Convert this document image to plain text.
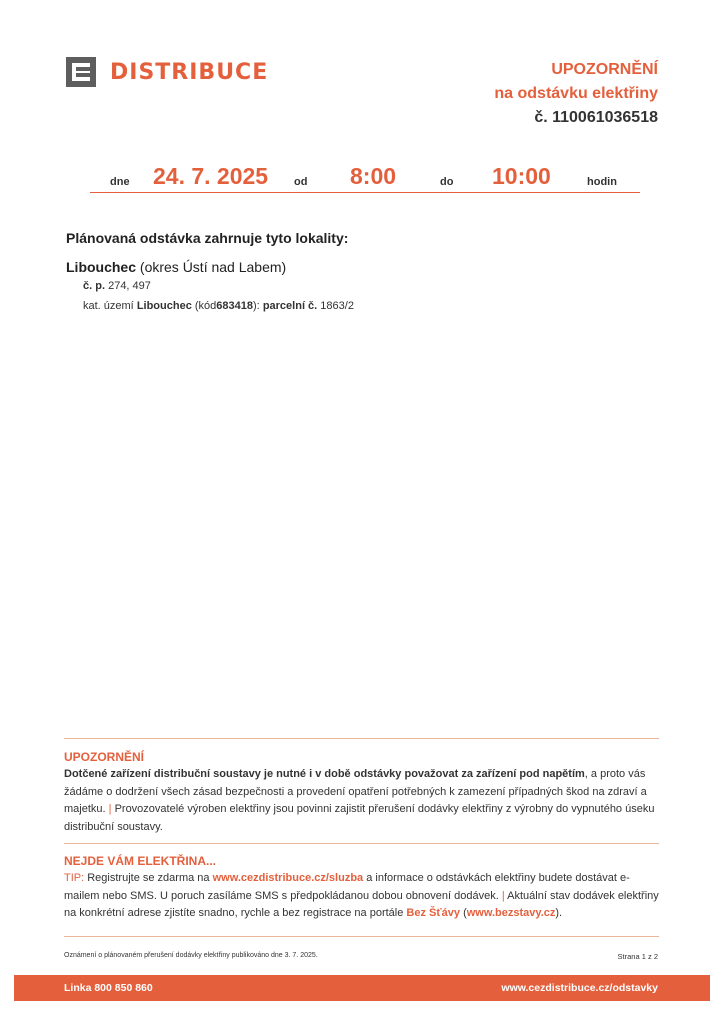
DISTRIBUCE	UPOZORNĚNÍ
na odstávku elektřiny
č. 110061036518
dne 24. 7. 2025 od 8:00	do 10:00	hodin
Plánovaná odstávka zahrnuje tyto lokality:
Libouchec (okres Ústí nad Labem)
č. p. 274, 497
kat. území Libouchec (kód683418): parcelní č. 1863/2
UPOZORNĚNÍ
Dotčené zařízení distribuční soustavy je nutné i v době odstávky považovat za zařízení pod napětím, a proto vás žádáme o dodržení všech zásad bezpečnosti a provedení opatření potřebných k zamezení případných škod na zdraví a majetku. | Provozovatelé výroben elektřiny jsou povinni zajistit přerušení dodávky elektřiny z výrobny do vypnutého úseku distribuční soustavy.
NEJDE VÁM ELEKTŘINA...
TIP: Registrujte se zdarma na www.cezdistribuce.cz/sluzba a informace o odstávkách elektřiny budete dostávat e-mailem nebo SMS. U poruch zasíláme SMS s předpokládanou dobou obnovení dodávek. | Aktuální stav dodávek elektřiny na konkrétní adrese zjistíte snadno, rychle a bez registrace na portále Bez Šťávy (www.bezstavy.cz).
Oznámení o plánovaném přerušení dodávky elektřiny publikováno dne 3. 7. 2025.	Strana 1 z 2
Linka 800 850 860	www.cezdistribuce.cz/odstavky
